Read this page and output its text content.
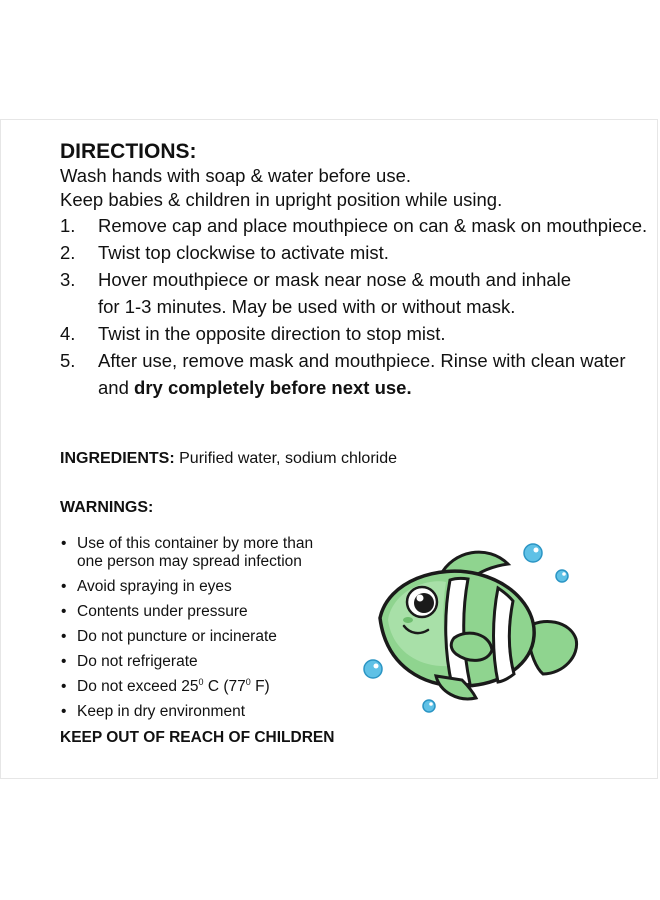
DIRECTIONS:
Wash hands with soap & water before use.
Keep babies & children in upright position while using.
1. Remove cap and place mouthpiece on can & mask on mouthpiece.
2. Twist top clockwise to activate mist.
3. Hover mouthpiece or mask near nose & mouth and inhale
for 1-3 minutes. May be used with or without mask.
4. Twist in the opposite direction to stop mist.
5. After use, remove mask and mouthpiece. Rinse with clean water
and dry completely before next use.
INGREDIENTS: Purified water, sodium chloride
WARNINGS:
• Use of this container by more than
one person may spread infection
• Avoid spraying in eyes
• Contents under pressure
• Do not puncture or incinerate
• Do not refrigerate
• Do not exceed $25^0$ C ($77^0$ F)
• Keep in dry environment
KEEP OUT OF REACH OF CHILDREN
